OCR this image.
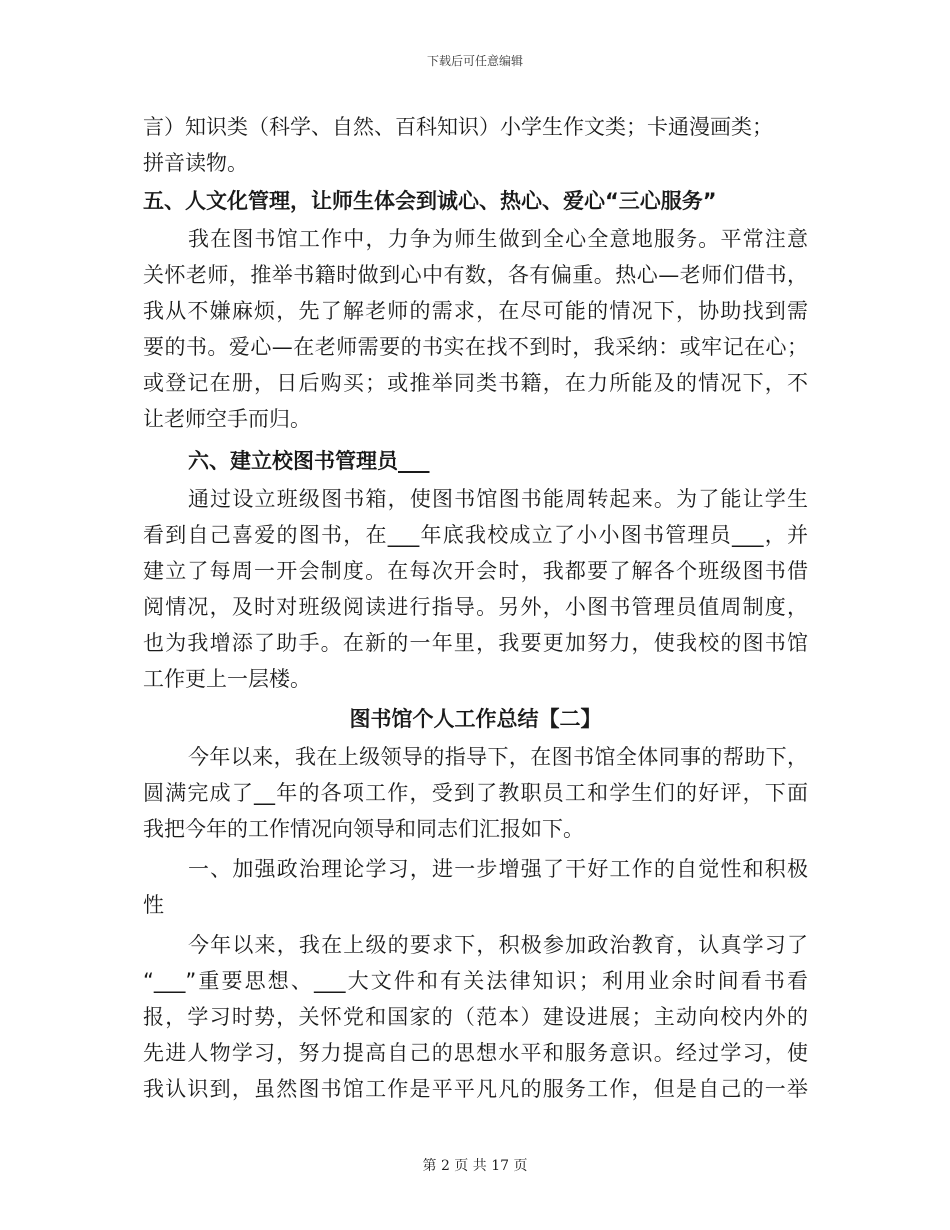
下载后可任意编辑
言）知识类（科学、自然、百科知识）小学生作文类；卡通漫画类；
拼音读物。
五、人文化管理，让师生体会到诚心、热心、爱心“三心服务”
我在图书馆工作中，力争为师生做到全心全意地服务。平常注意
关怀老师，推举书籍时做到心中有数，各有偏重。热心—老师们借书，
我从不嫌麻烦，先了解老师的需求，在尽可能的情况下，协助找到需
要的书。爱心—在老师需要的书实在找不到时，我采纳：或牢记在心；
或登记在册，日后购买；或推举同类书籍，在力所能及的情况下，不
让老师空手而归。
六、建立校图书管理员___
通过设立班级图书箱，使图书馆图书能周转起来。为了能让学生
看到自己喜爱的图书，在___年底我校成立了小小图书管理员___，并
建立了每周一开会制度。在每次开会时，我都要了解各个班级图书借
阅情况，及时对班级阅读进行指导。另外，小图书管理员值周制度，
也为我增添了助手。在新的一年里，我要更加努力，使我校的图书馆
工作更上一层楼。
图书馆个人工作总结【二】
今年以来，我在上级领导的指导下，在图书馆全体同事的帮助下，
圆满完成了__年的各项工作，受到了教职员工和学生们的好评，下面
我把今年的工作情况向领导和同志们汇报如下。
一、加强政治理论学习，进一步增强了干好工作的自觉性和积极
性
今年以来，我在上级的要求下，积极参加政治教育，认真学习了
“___”重要思想、___大文件和有关法律知识；利用业余时间看书看
报，学习时势，关怀党和国家的（范本）建设进展；主动向校内外的
先进人物学习，努力提高自己的思想水平和服务意识。经过学习，使
我认识到，虽然图书馆工作是平平凡凡的服务工作，但是自己的一举
第 2 页 共 17 页
